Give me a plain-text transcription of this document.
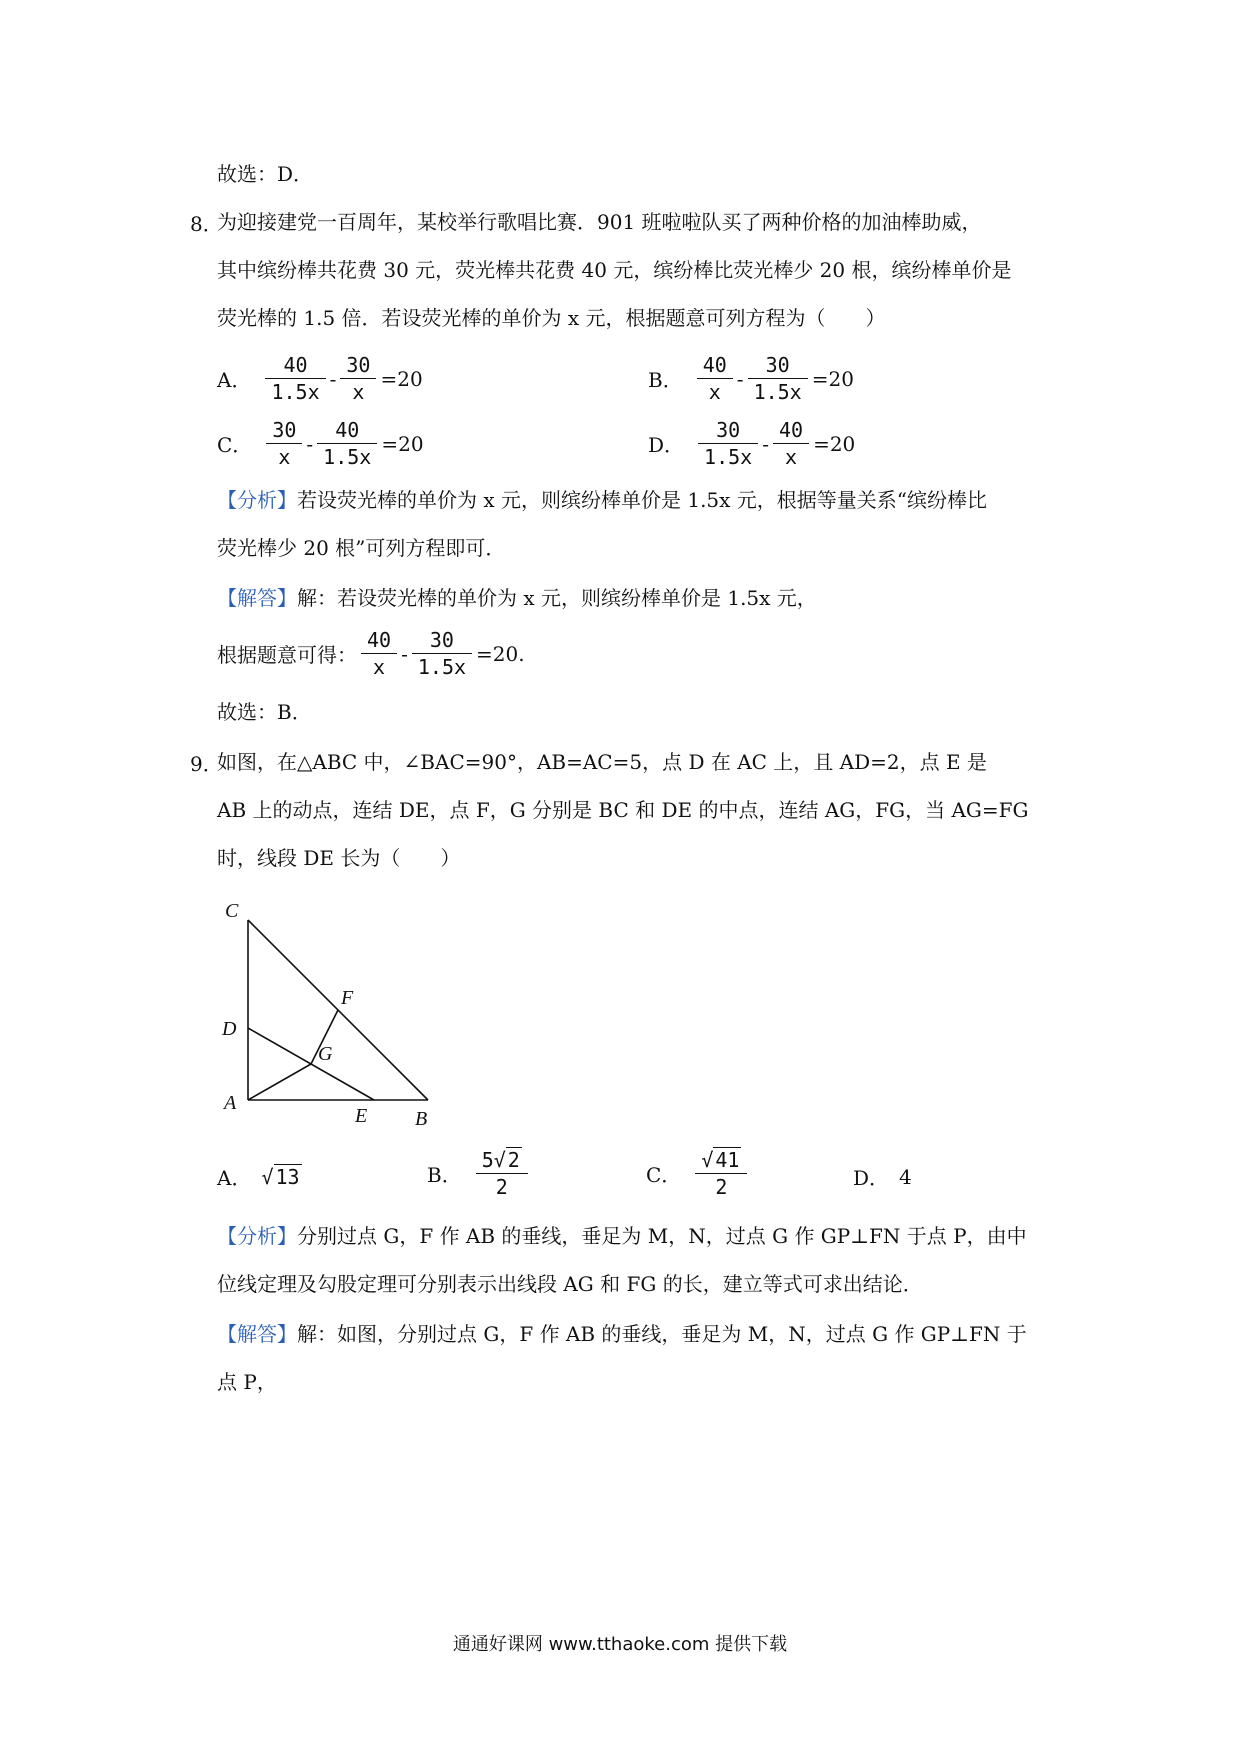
故选：D．
8．
为迎接建党一百周年，某校举行歌唱比赛．901 班啦啦队买了两种价格的加油棒助威，
其中缤纷棒共花费 30 元，荧光棒共花费 40 元，缤纷棒比荧光棒少 20 根，缤纷棒单价是
荧光棒的 1.5 倍．若设荧光棒的单价为 x 元，根据题意可列方程为（　　）
A． $\frac{40}{1.5x} - \frac{30}{x} =20$	B． $\frac{40}{x} - \frac{30}{1.5x} =20$
C． $\frac{30}{x} - \frac{40}{1.5x} =20$	D． $\frac{30}{1.5x} - \frac{40}{x} =20$
【分析】若设荧光棒的单价为 x 元，则缤纷棒单价是 1.5x 元，根据等量关系“缤纷棒比
荧光棒少 20 根”可列方程即可．
【解答】解：若设荧光棒的单价为 x 元，则缤纷棒单价是 1.5x 元，
根据题意可得： $\frac{40}{x} - \frac{30}{1.5x} =20$.
故选：B．
9．
如图，在△ABC 中，∠BAC=90°，AB=AC=5，点 D 在 AC 上，且 AD=2，点 E 是
AB 上的动点，连结 DE，点 F，G 分别是 BC 和 DE 的中点，连结 AG，FG，当 AG=FG
时，线段 DE 长为（　　）
C
D
F
G
A
E B
A． √ 13	B． $\frac{5√ 2}{2}$	C． $\frac{√ 41}{2}$	D． 4
【分析】分别过点 G，F 作 AB 的垂线，垂足为 M，N，过点 G 作 GP⊥FN 于点 P，由中
位线定理及勾股定理可分别表示出线段 AG 和 FG 的长，建立等式可求出结论．
【解答】解：如图，分别过点 G，F 作 AB 的垂线，垂足为 M，N，过点 G 作 GP⊥FN 于
点 P，
通通好课网 www.tthaoke.com 提供下载
